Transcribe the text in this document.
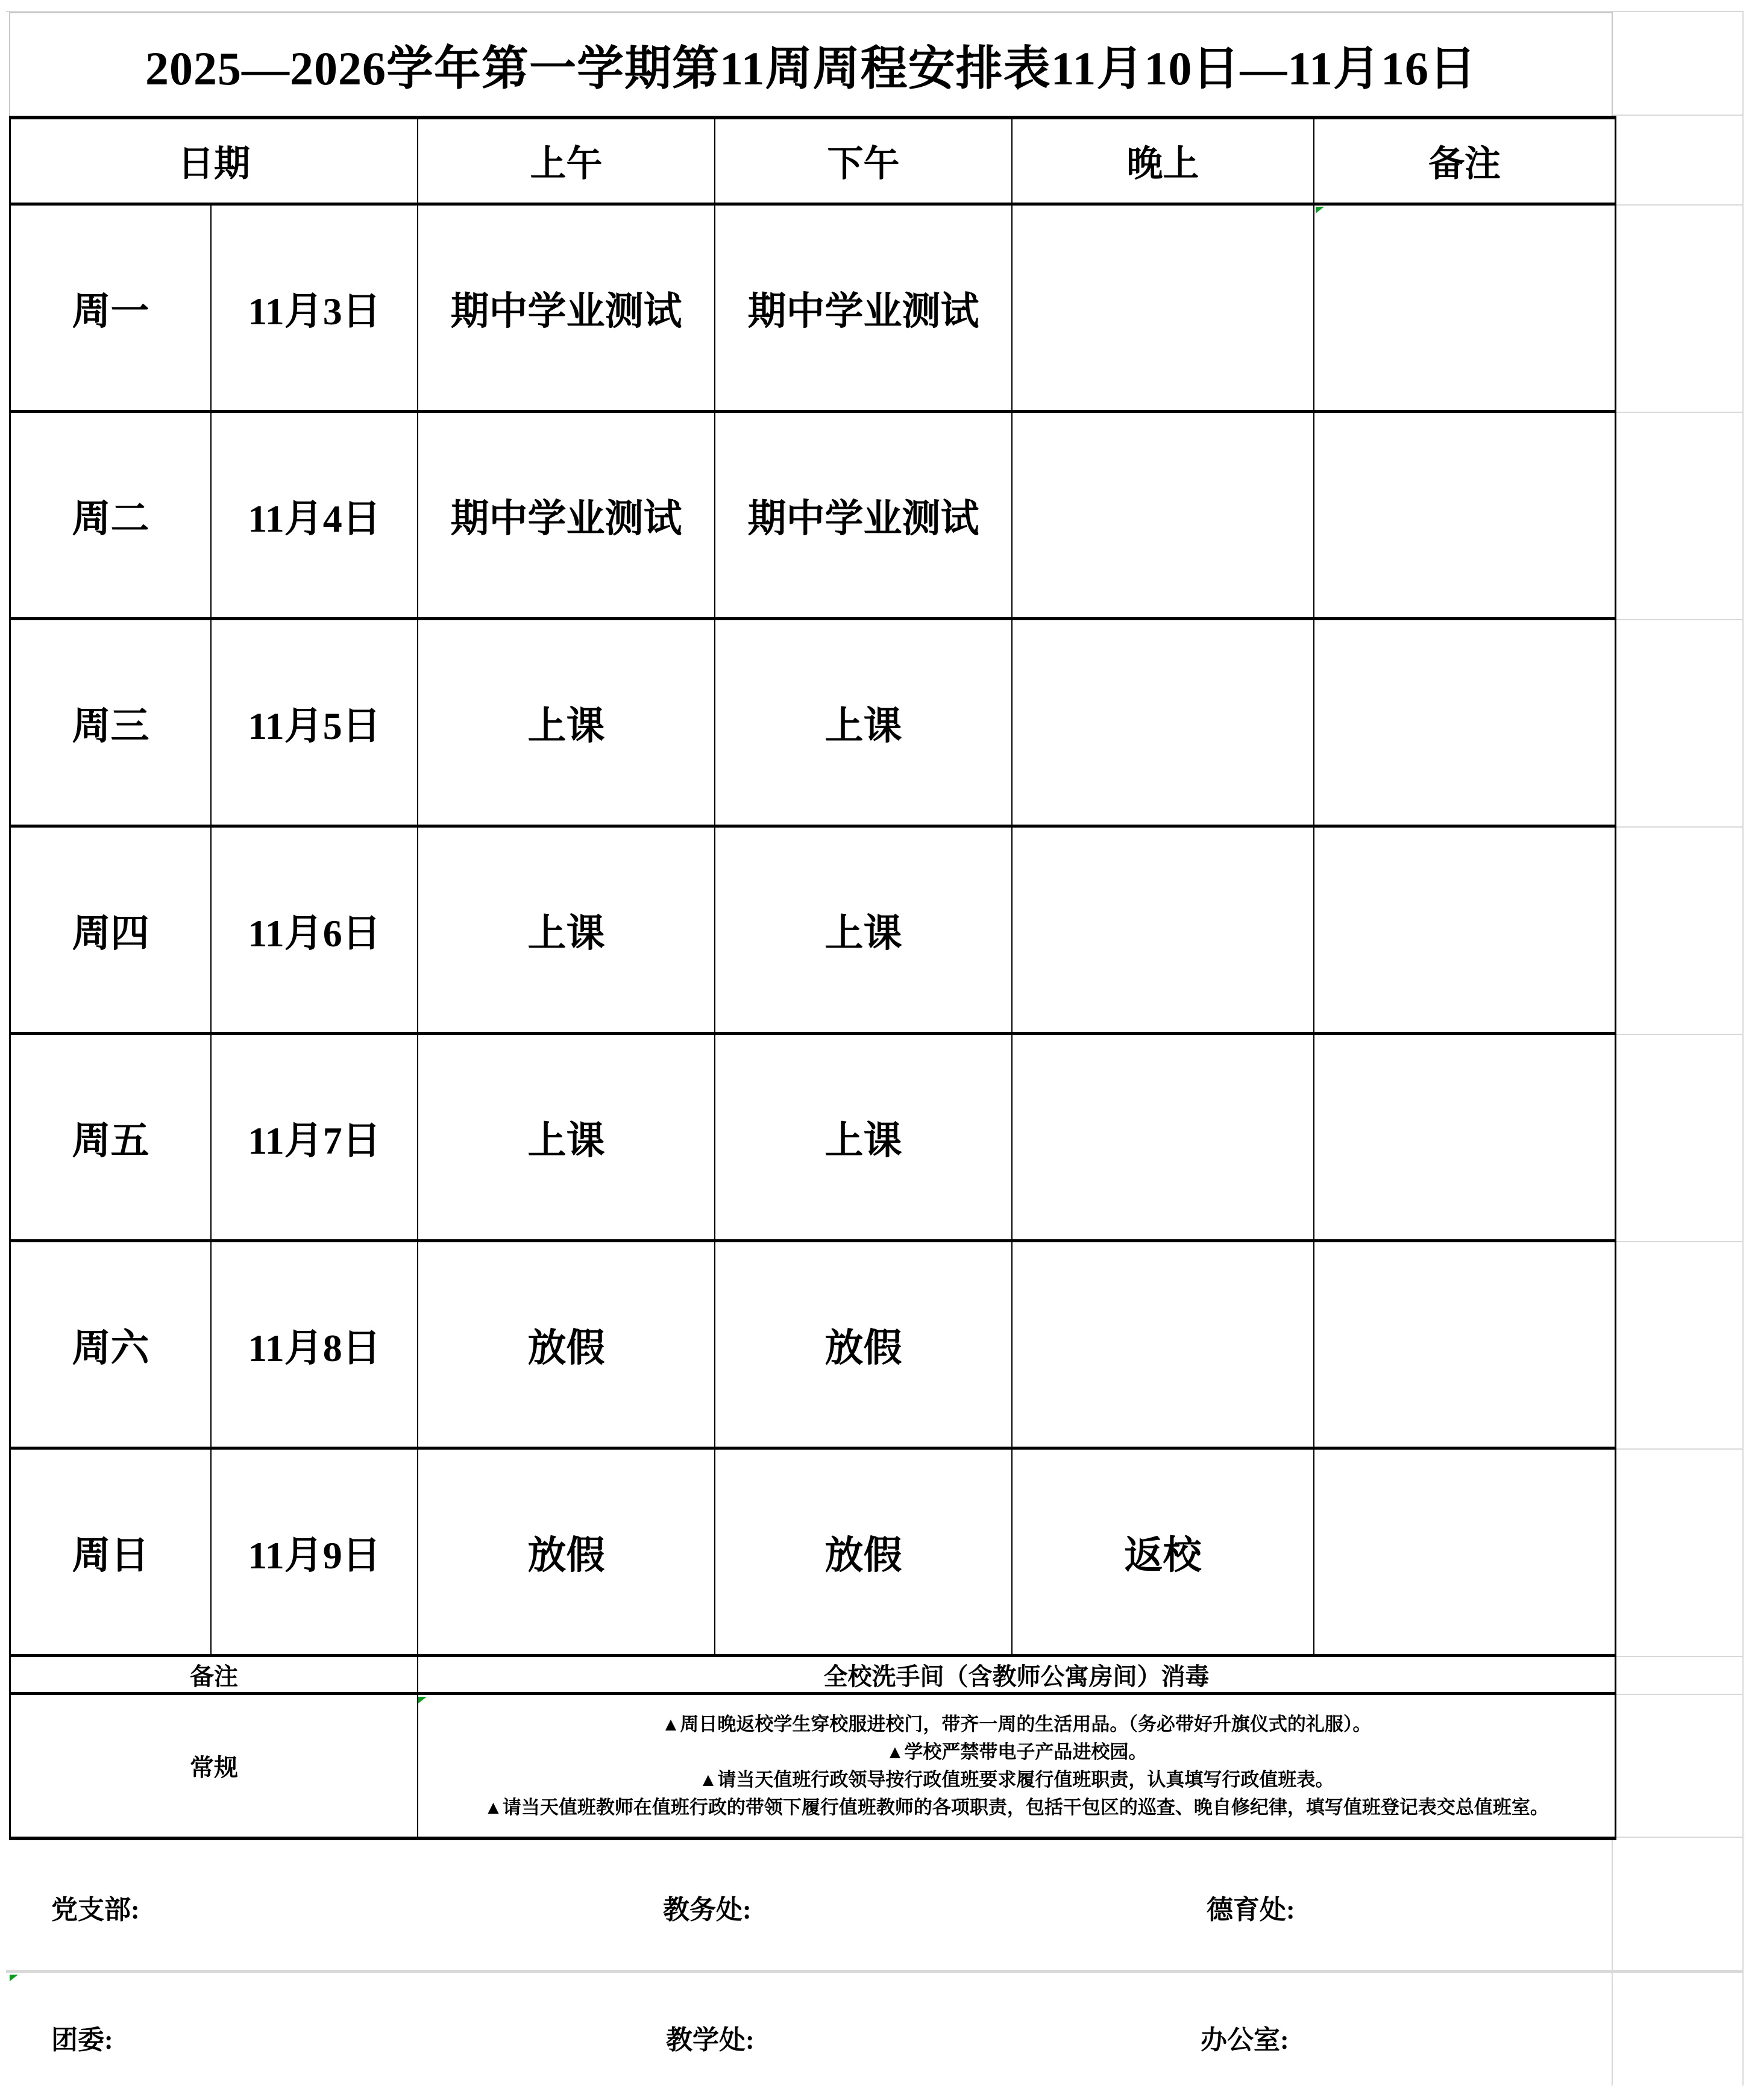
2025––2026学年第一学期第11周周程安排表11月10日—11月16日
日期	上午	下午	晚上	备注
周一	11月3日	期中学业测试	期中学业测试
周二	11月4日	期中学业测试	期中学业测试
周三	11月5日	上课	上课
周四	11月6日	上课	上课
周五	11月7日	上课	上课
周六	11月8日	放假	放假
周日	11月9日	放假	放假	返校
备注	全校洗手间（含教师公寓房间）消毒
常规
▲周日晚返校学生穿校服进校门，带齐一周的生活用品。（务必带好升旗仪式的礼服）。
▲学校严禁带电子产品进校园。
▲请当天值班行政领导按行政值班要求履行值班职责，认真填写行政值班表。
▲请当天值班教师在值班行政的带领下履行值班教师的各项职责，包括干包区的巡查、晚自修纪律，填写值班登记表交总值班室。
党支部:	教务处:	德育处:
团委:	教学处:	办公室:
